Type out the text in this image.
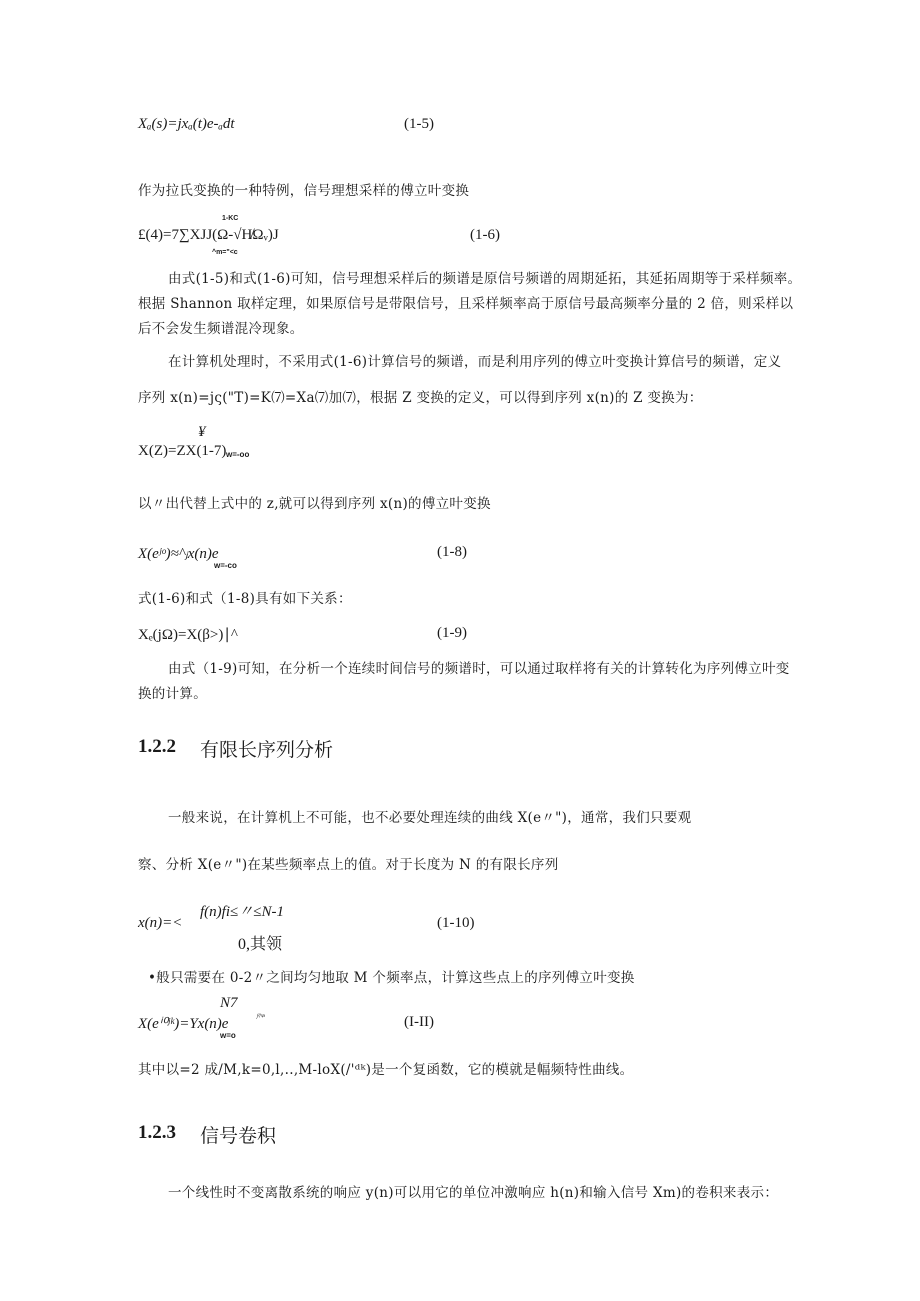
Xₐ(s)=jxₐ(t)e-ₐdt	(1-5)
作为拉氏变换的一种特例，信号理想采样的傅立叶变换
1-KC
£(4)=7∑XJJ(Ω-√H̸Ωᵥ)J
^m="<c
(1-6)
由式(1-5)和式(1-6)可知，信号理想采样后的频谱是原信号频谱的周期延拓，其延拓周期等于采样频率。
根据 Shannon 取样定理，如果原信号是带限信号，且采样频率高于原信号最高频率分量的 2 倍，则采样以
后不会发生频谱混冷现象。
在计算机处理时，不采用式(1-6)计算信号的频谱，而是利用序列的傅立叶变换计算信号的频谱，定义
序列 x(n)=jς("T)=K⑺=Xa⑺加⑺，根据 Z 变换的定义，可以得到序列 x(n)的 Z 变换为：
¥
X(Z)=ZX(1-7) w=-oo
以〃出代替上式中的 z,就可以得到序列 x(n)的傅立叶变换
X(eʲᵒ)≈^ⱼx(n)e
w=-co
(1-8)
式(1-6)和式（1-8)具有如下关系：
Xₑ(jΩ)=X(β>)∣^	(1-9)
由式（1-9)可知，在分析一个连续时间信号的频谱时，可以通过取样将有关的计算转化为序列傅立叶变
换的计算。
1.2.2 有限长序列分析
一般来说，在计算机上不可能，也不必要处理连续的曲线 X(e〃")，通常，我们只要观
察、分析 X(e〃")在某些频率点上的值。对于长度为 N 的有限长序列
f(n)fi≤〃≤N-1
x(n)=<
0,其领
(1-10)
•般只需要在 0-2〃之间均匀地取 M 个频率点，计算这些点上的序列傅立叶变换
N7
X(eⁱ⁰ʲᵏ)=Yx(n)e	ⁱ⁄^ⁿ
w=o
(I-II)
其中以=2 成/M,k=0,l,..,M-loX(/'ᵈᵏ)是一个复函数，它的模就是幅频特性曲线。
1.2.3 信号卷积
一个线性时不变离散系统的响应 y(n)可以用它的单位冲激响应 h(n)和输入信号 Xm)的卷积来表示：
